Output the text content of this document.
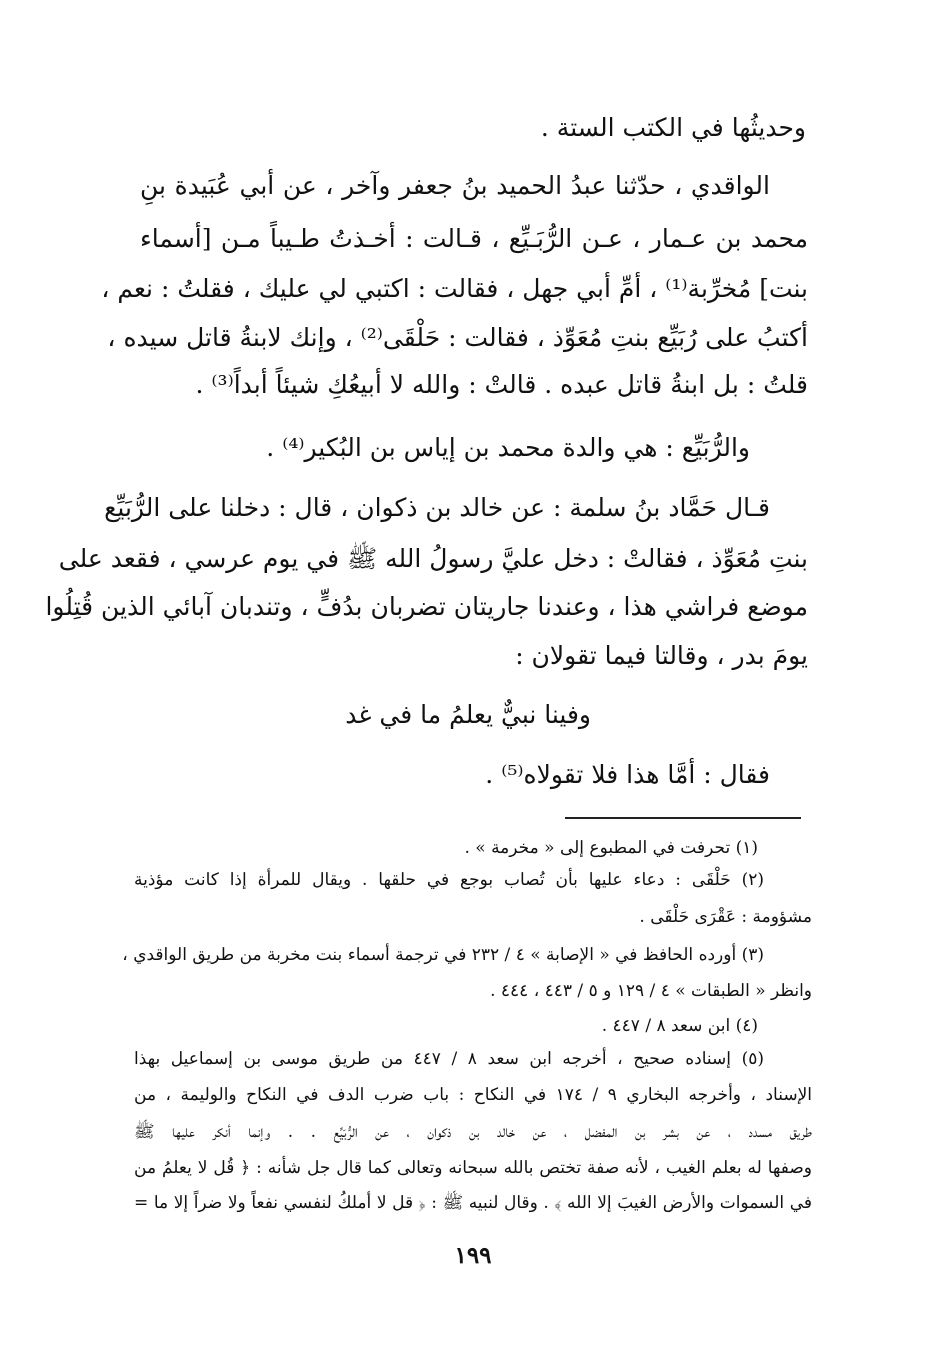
وحديثُها في الكتب الستة .
الواقدي ، حدّثنا عبدُ الحميد بنُ جعفر وآخر ، عن أبي عُبَيدة بنِ
محمد بن عـمار ، عـن الرُّبَـيِّع ، قـالت : أخـذتُ طـيباً مـن [أسماء
بنت] مُخرِّبة⁽¹⁾ ، أمِّ أبي جهل ، فقالت : اكتبي لي عليك ، فقلتُ : نعم ،
أكتبُ على رُبَيِّع بنتِ مُعَوِّذ ، فقالت : حَلْقَى⁽²⁾ ، وإنك لابنةُ قاتل سيده ،
قلتُ : بل ابنةُ قاتل عبده . قالتْ : والله لا أبيعُكِ شيئاً أبداً⁽³⁾ .
والرُّبَيِّع : هي والدة محمد بن إياس بن البُكير⁽⁴⁾ .
قـال حَمَّاد بنُ سلمة : عن خالد بن ذكوان ، قال : دخلنا على الرُّبَيِّع
بنتِ مُعَوِّذ ، فقالتْ : دخل عليَّ رسولُ الله ﷺ في يوم عرسي ، فقعد على
موضع فراشي هذا ، وعندنا جاريتان تضربان بدُفٍّ ، وتندبان آبائي الذين قُتِلُوا
يومَ بدر ، وقالتا فيما تقولان :
وفينا نبيٌّ يعلمُ ما في غد
فقال : أمَّا هذا فلا تقولاه⁽⁵⁾ .
(١) تحرفت في المطبوع إلى « مخرمة » .
(٢) حَلْقَى : دعاء عليها بأن تُصاب بوجع في حلقها . ويقال للمرأة إذا كانت مؤذية
مشؤومة : عَقْرَى حَلْقَى .
(٣) أورده الحافظ في « الإصابة » ٤ / ٢٣٢ في ترجمة أسماء بنت مخربة من طريق الواقدي ،
وانظر « الطبقات » ٤ / ١٢٩ و ٥ / ٤٤٣ ، ٤٤٤ .
(٤) ابن سعد ٨ / ٤٤٧ .
(٥) إسناده صحيح ، أخرجه ابن سعد ٨ / ٤٤٧ من طريق موسى بن إسماعيل بهذا
الإسناد ، وأخرجه البخاري ٩ / ١٧٤ في النكاح : باب ضرب الدف في النكاح والوليمة ، من
طريق مسدد ، عن بشر بن المفضل ، عن خالد بن ذكوان ، عن الرُّبَيِّع . . وإنما أنكر عليها ﷺ
وصفها له بعلم الغيب ، لأنه صفة تختص بالله سبحانه وتعالى كما قال جل شأنه : ﴿ قُل لا يعلمُ من
في السموات والأرض الغيبَ إلا الله ﴾ . وقال لنبيه ﷺ : ﴿ قل لا أملكُ لنفسي نفعاً ولا ضراً إلا ما =
١٩٩
